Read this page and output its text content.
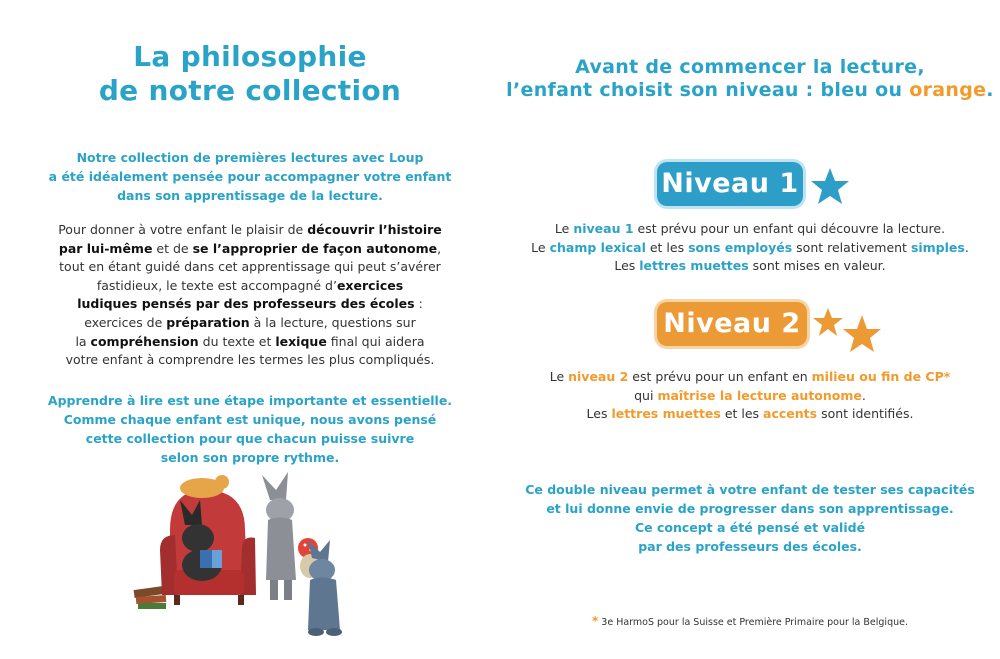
La philosophie
de notre collection
Notre collection de premières lectures avec Loup
a été idéalement pensée pour accompagner votre enfant
dans son apprentissage de la lecture.
Pour donner à votre enfant le plaisir de découvrir l’histoire
par lui-même et de se l’approprier de façon autonome,
tout en étant guidé dans cet apprentissage qui peut s’avérer
fastidieux, le texte est accompagné d’exercices
ludiques pensés par des professeurs des écoles :
exercices de préparation à la lecture, questions sur
la compréhension du texte et lexique final qui aidera
votre enfant à comprendre les termes les plus compliqués.
Apprendre à lire est une étape importante et essentielle.
Comme chaque enfant est unique, nous avons pensé
cette collection pour que chacun puisse suivre
selon son propre rythme.
Avant de commencer la lecture,
l’enfant choisit son niveau : bleu ou orange.
Niveau 1
Le niveau 1 est prévu pour un enfant qui découvre la lecture.
Le champ lexical et les sons employés sont relativement simples.
Les lettres muettes sont mises en valeur.
Niveau 2
Le niveau 2 est prévu pour un enfant en milieu ou fin de CP*
qui maîtrise la lecture autonome.
Les lettres muettes et les accents sont identifiés.
Ce double niveau permet à votre enfant de tester ses capacités
et lui donne envie de progresser dans son apprentissage.
Ce concept a été pensé et validé
par des professeurs des écoles.
* 3e HarmoS pour la Suisse et Première Primaire pour la Belgique.
